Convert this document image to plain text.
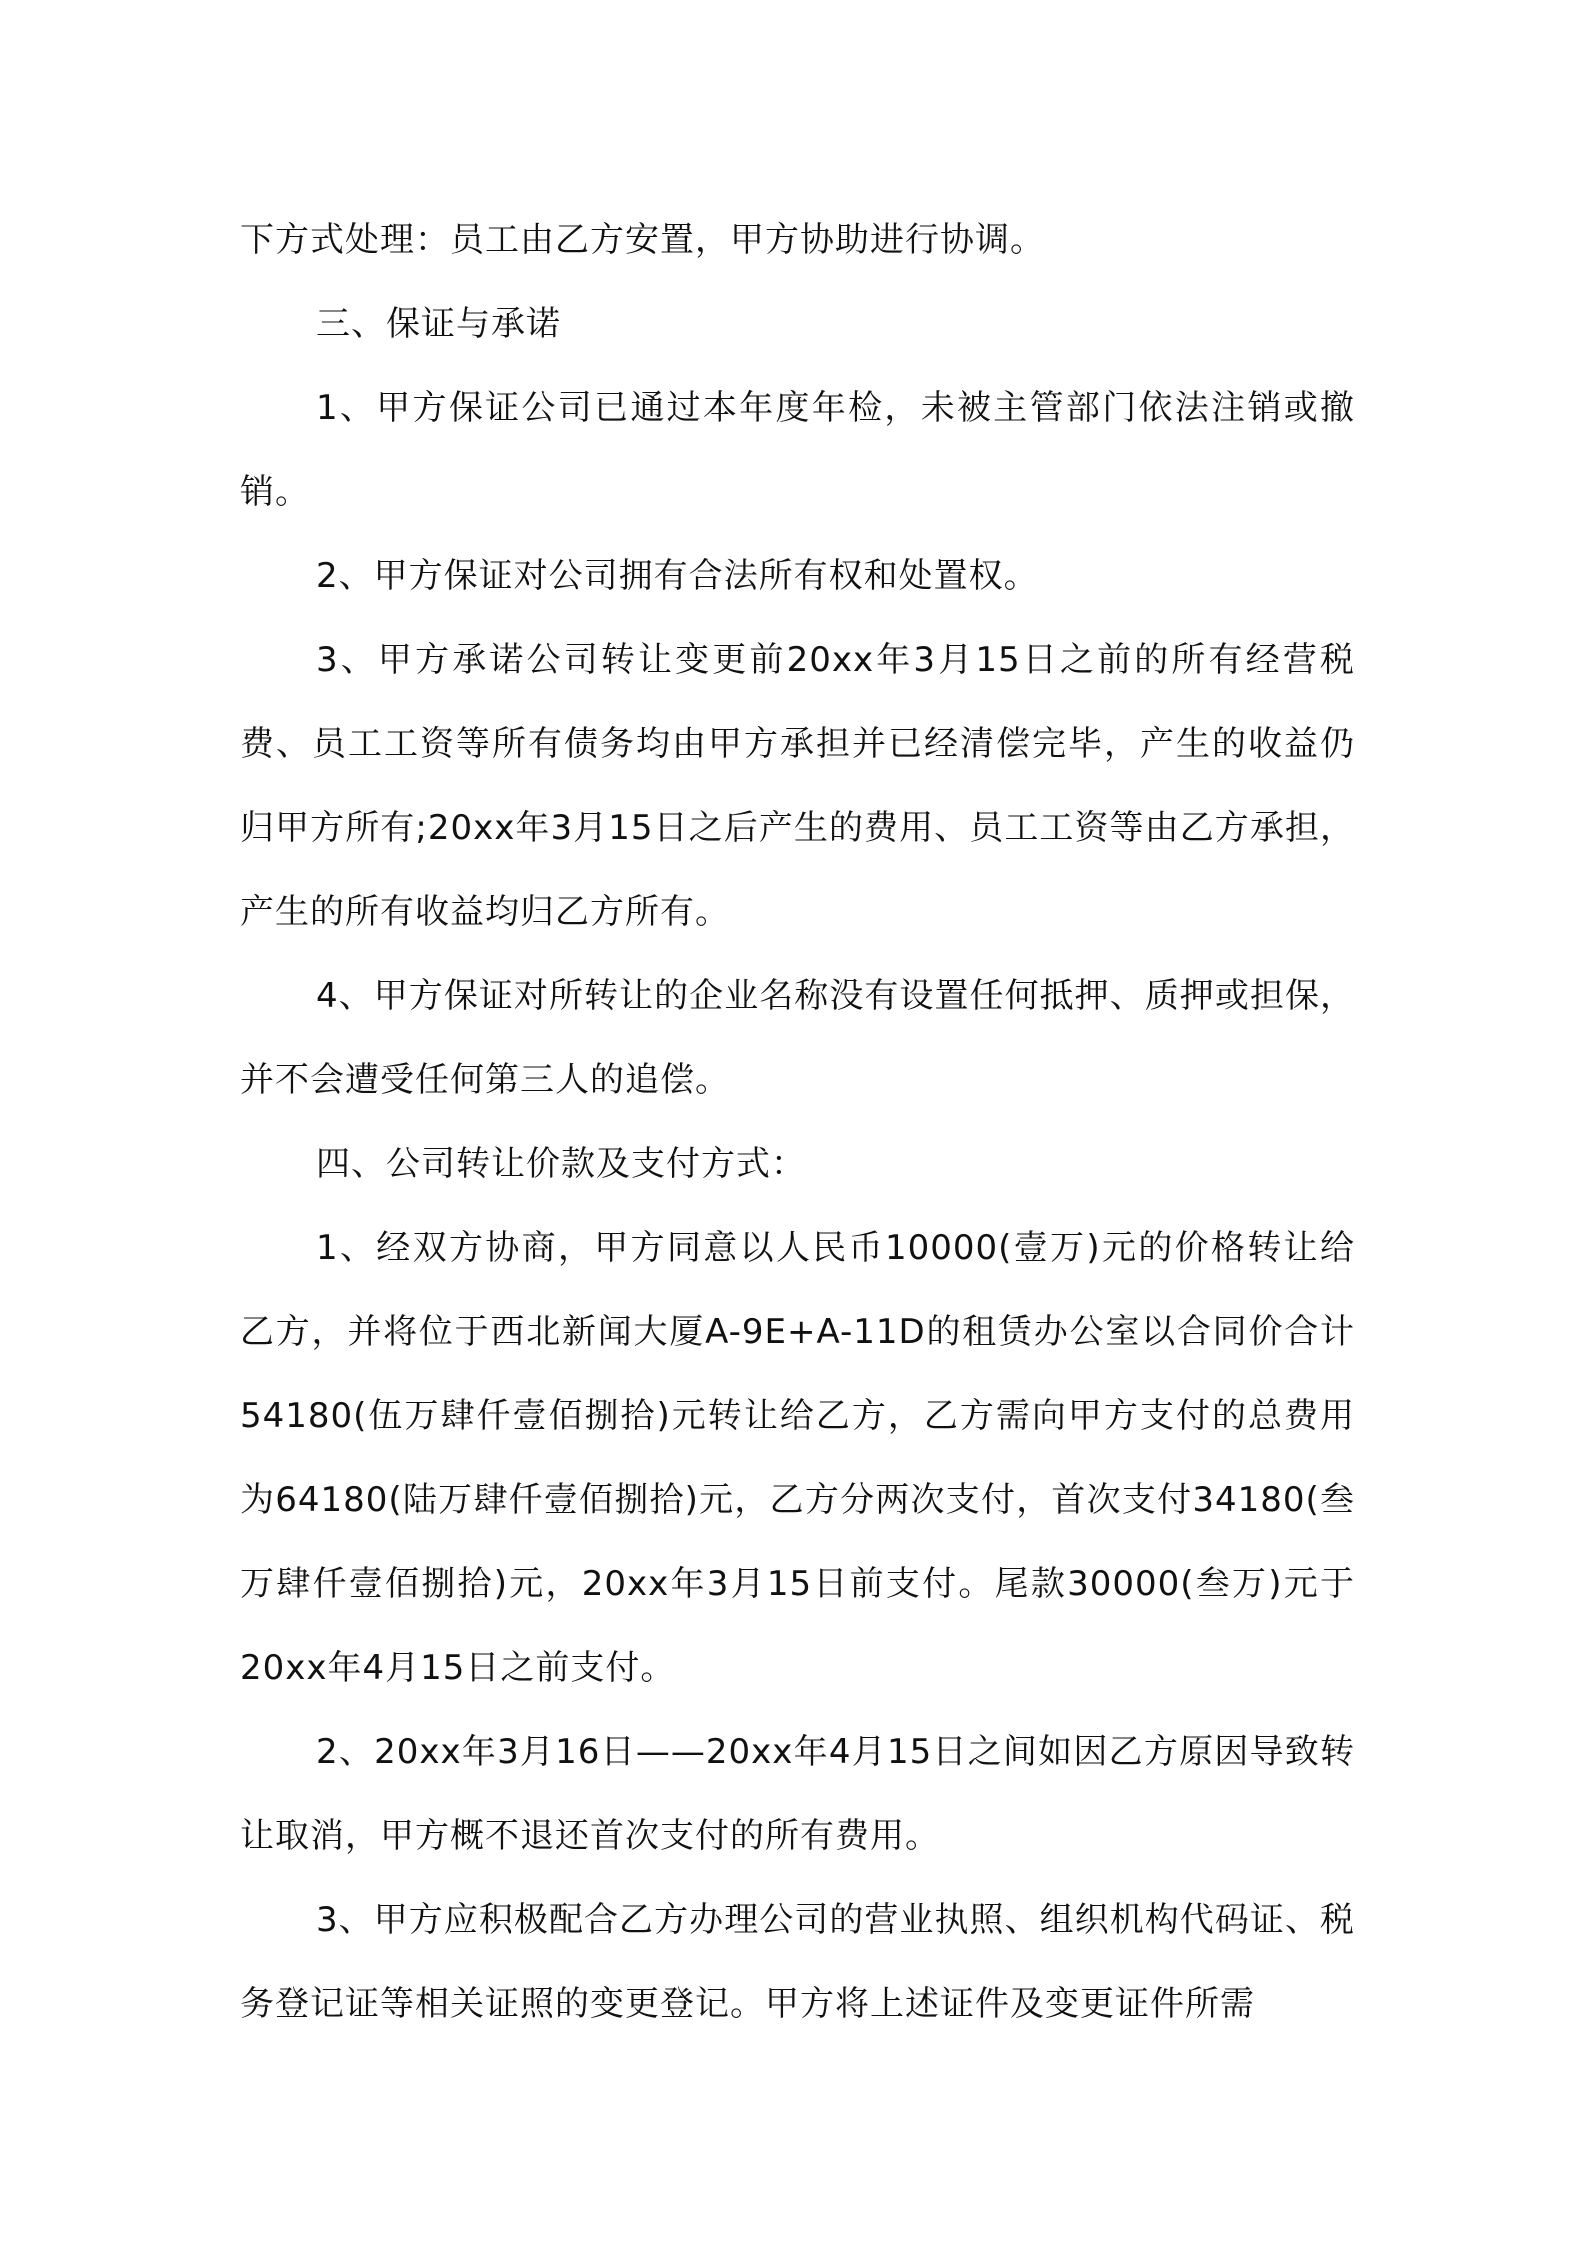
下方式处理：员工由乙方安置，甲方协助进行协调。

三、保证与承诺

1、甲方保证公司已通过本年度年检，未被主管部门依法注销或撤销。

2、甲方保证对公司拥有合法所有权和处置权。

3、甲方承诺公司转让变更前20xx年3月15日之前的所有经营税费、员工工资等所有债务均由甲方承担并已经清偿完毕，产生的收益仍归甲方所有;20xx年3月15日之后产生的费用、员工工资等由乙方承担，产生的所有收益均归乙方所有。

4、甲方保证对所转让的企业名称没有设置任何抵押、质押或担保，并不会遭受任何第三人的追偿。

四、公司转让价款及支付方式：

1、经双方协商，甲方同意以人民币10000(壹万)元的价格转让给乙方，并将位于西北新闻大厦A-9E+A-11D的租赁办公室以合同价合计54180(伍万肆仟壹佰捌拾)元转让给乙方，乙方需向甲方支付的总费用为64180(陆万肆仟壹佰捌拾)元，乙方分两次支付，首次支付34180(叁万肆仟壹佰捌拾)元，20xx年3月15日前支付。尾款30000(叁万)元于20xx年4月15日之前支付。

2、20xx年3月16日——20xx年4月15日之间如因乙方原因导致转让取消，甲方概不退还首次支付的所有费用。

3、甲方应积极配合乙方办理公司的营业执照、组织机构代码证、税务登记证等相关证照的变更登记。甲方将上述证件及变更证件所需
